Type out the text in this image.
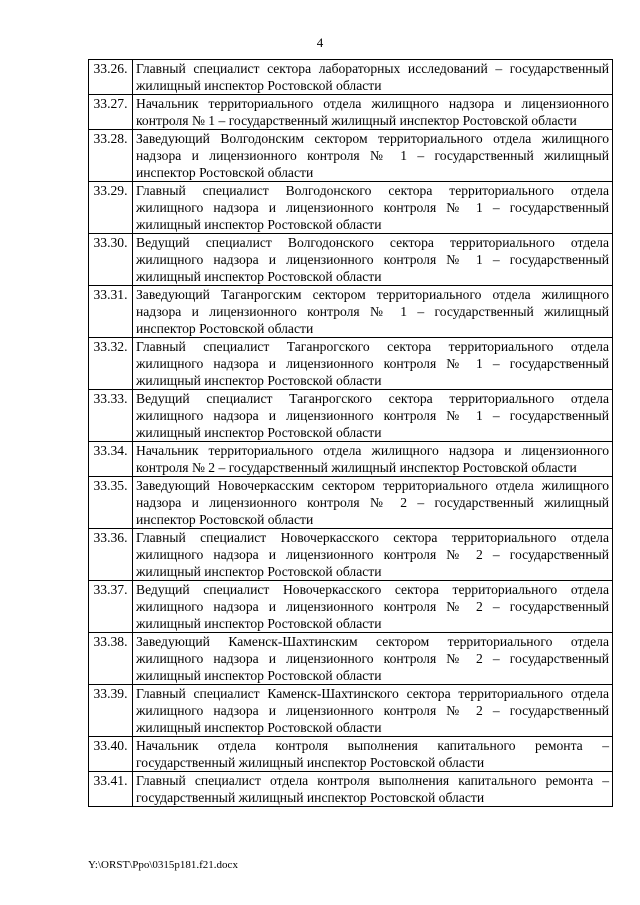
4
33.26.	Главный специалист сектора лабораторных исследований – государственный жилищный инспектор Ростовской области
33.27.	Начальник территориального отдела жилищного надзора и лицензионного контроля № 1 – государственный жилищный инспектор Ростовской области
33.28.	Заведующий Волгодонским сектором территориального отдела жилищного надзора и лицензионного контроля № 1 – государственный жилищный инспектор Ростовской области
33.29.	Главный специалист Волгодонского сектора территориального отдела жилищного надзора и лицензионного контроля № 1 – государственный жилищный инспектор Ростовской области
33.30.	Ведущий специалист Волгодонского сектора территориального отдела жилищного надзора и лицензионного контроля № 1 – государственный жилищный инспектор Ростовской области
33.31.	Заведующий Таганрогским сектором территориального отдела жилищного надзора и лицензионного контроля № 1 – государственный жилищный инспектор Ростовской области
33.32.	Главный специалист Таганрогского сектора территориального отдела жилищного надзора и лицензионного контроля № 1 – государственный жилищный инспектор Ростовской области
33.33.	Ведущий специалист Таганрогского сектора территориального отдела жилищного надзора и лицензионного контроля № 1 – государственный жилищный инспектор Ростовской области
33.34.	Начальник территориального отдела жилищного надзора и лицензионного контроля № 2 – государственный жилищный инспектор Ростовской области
33.35.	Заведующий Новочеркасским сектором территориального отдела жилищного надзора и лицензионного контроля № 2 – государственный жилищный инспектор Ростовской области
33.36.	Главный специалист Новочеркасского сектора территориального отдела жилищного надзора и лицензионного контроля № 2 – государственный жилищный инспектор Ростовской области
33.37.	Ведущий специалист Новочеркасского сектора территориального отдела жилищного надзора и лицензионного контроля № 2 – государственный жилищный инспектор Ростовской области
33.38.	Заведующий Каменск-Шахтинским сектором территориального отдела жилищного надзора и лицензионного контроля № 2 – государственный жилищный инспектор Ростовской области
33.39.	Главный специалист Каменск-Шахтинского сектора территориального отдела жилищного надзора и лицензионного контроля № 2 – государственный жилищный инспектор Ростовской области
33.40.	Начальник отдела контроля выполнения капитального ремонта – государственный жилищный инспектор Ростовской области
33.41.	Главный специалист отдела контроля выполнения капитального ремонта – государственный жилищный инспектор Ростовской области
Y:\ORST\Ppo\0315p181.f21.docx
